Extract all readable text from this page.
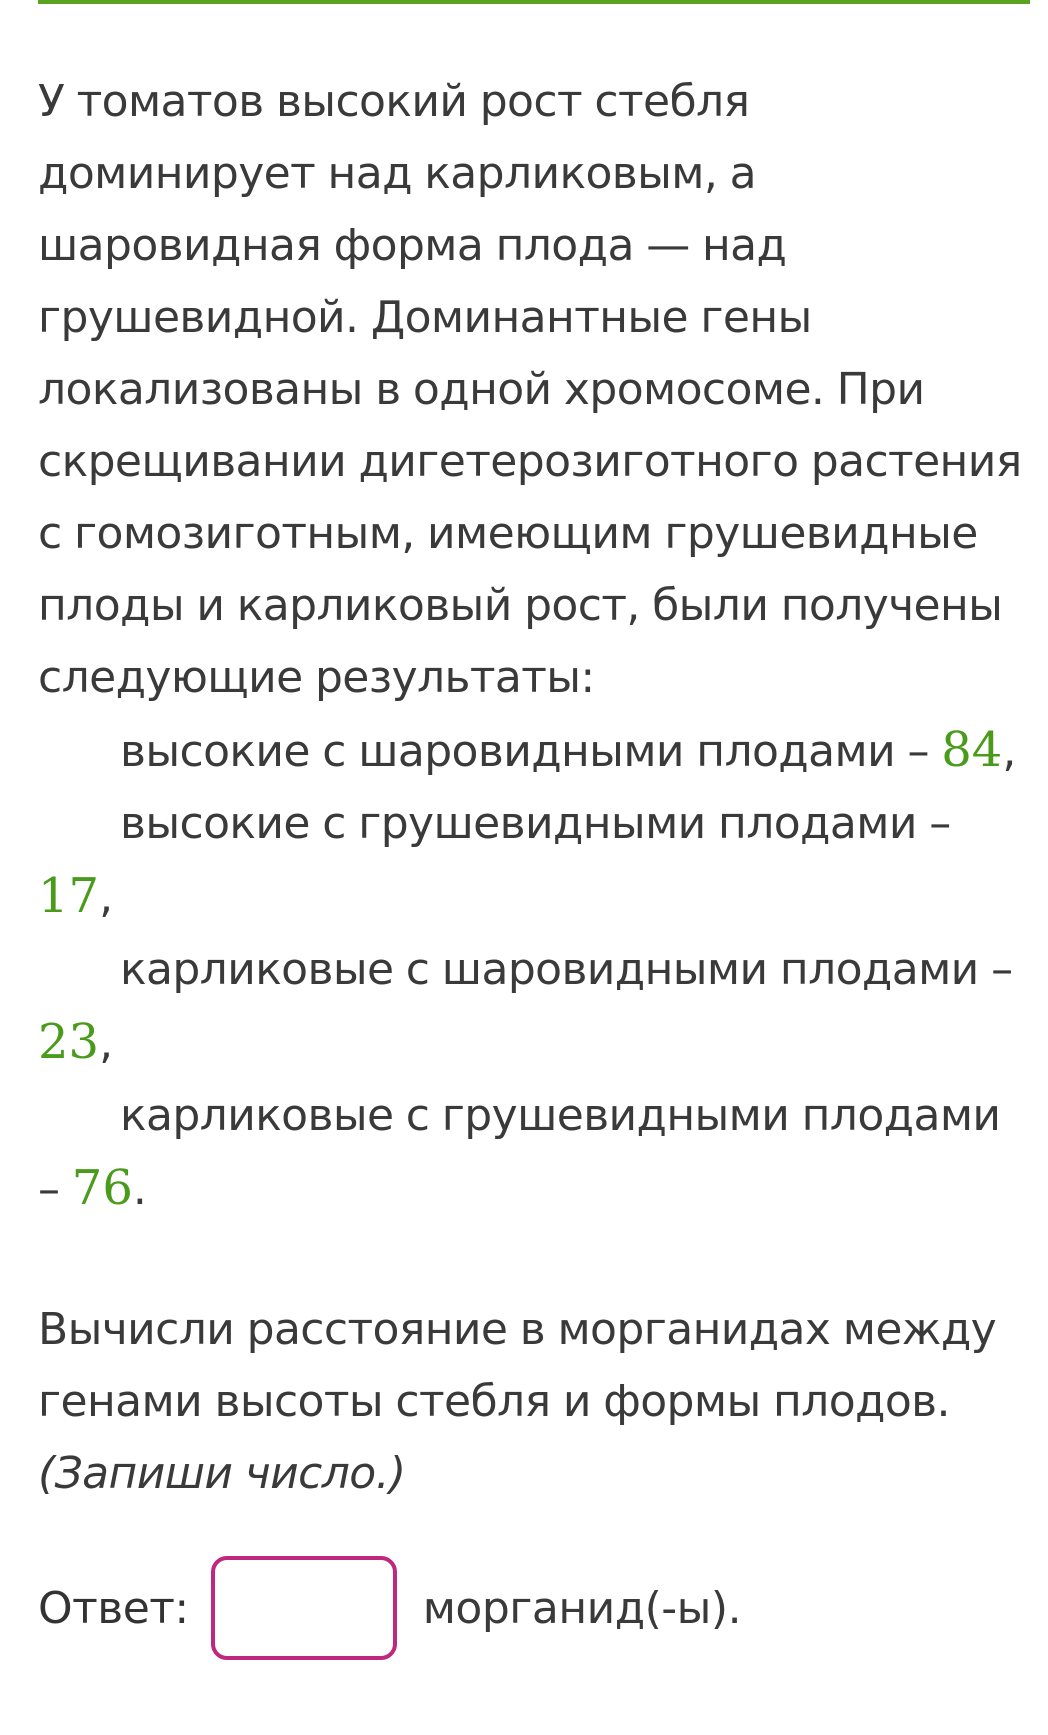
У томатов высокий рост стебля доминирует над карликовым, а шаровидная форма плода — над грушевидной. Доминантные гены локализованы в одной хромосоме. При скрещивании дигетерозиготного растения с гомозиготным, имеющим грушевидные плоды и карликовый рост, были получены следующие результаты:

высокие с шаровидными плодами – 84,

высокие с грушевидными плодами – 17,

карликовые с шаровидными плодами – 23,

карликовые с грушевидными плодами – 76.

Вычисли расстояние в морганидах между генами высоты стебля и формы плодов.
(Запиши число.)

Ответ:	морганид(-ы).
